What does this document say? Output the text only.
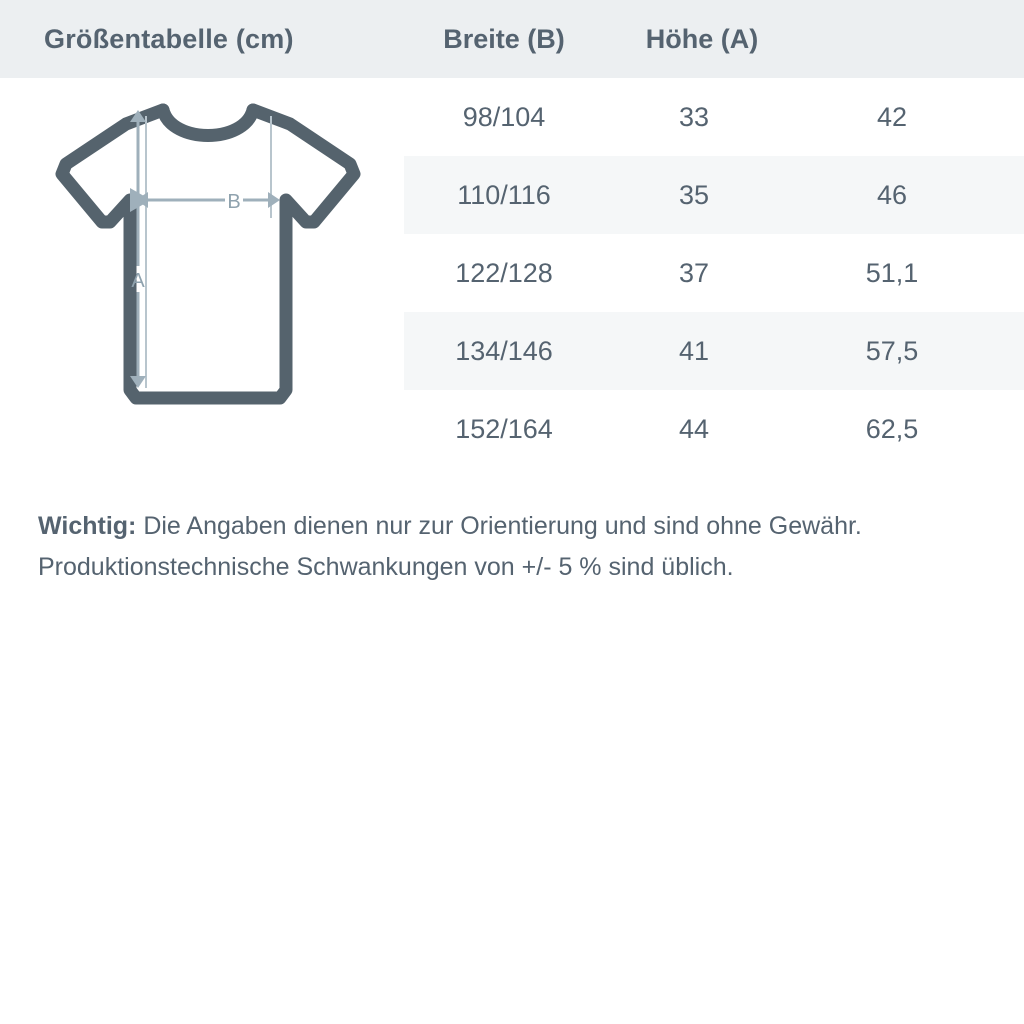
Größentabelle (cm)	Breite (B)	Höhe (A)
B
A
98/104	33	42
110/116	35	46
122/128	37	51,1
134/146	41	57,5
152/164	44	62,5
Wichtig: Die Angaben dienen nur zur Orientierung und sind ohne Gewähr.
Produktionstechnische Schwankungen von +/- 5 % sind üblich.
